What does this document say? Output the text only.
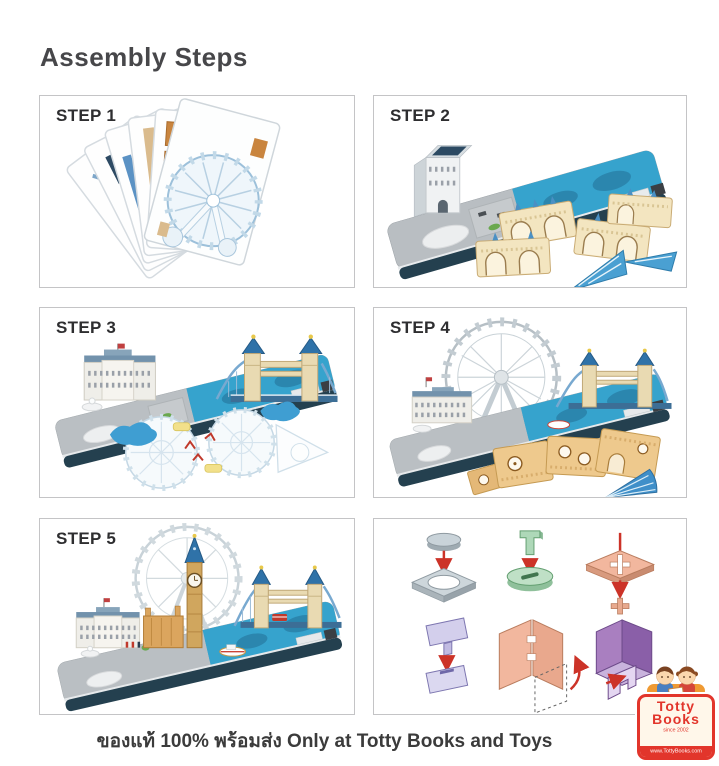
Assembly Steps
STEP 1	STEP 2
STEP 3	STEP 4
STEP 5
ของแท้ 100% พร้อมส่ง Only at Totty Books and Toys
Totty
Books
since 2002
www.TottyBooks.com
